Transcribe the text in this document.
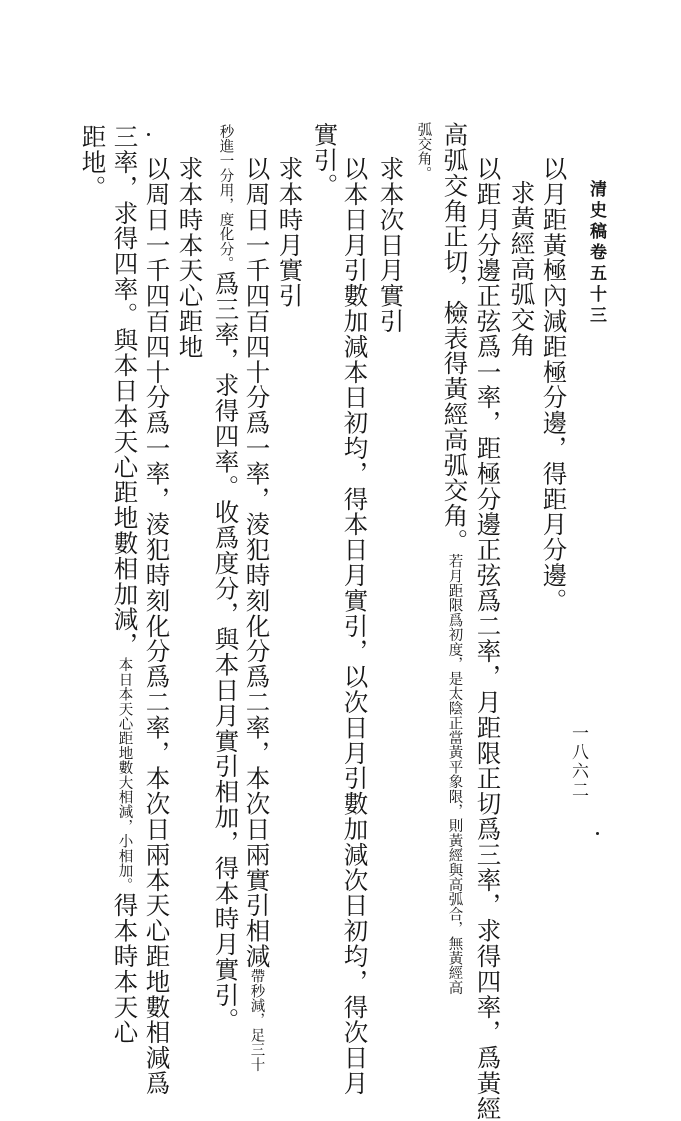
清史稿卷五十三
一八六二
以月距黃極內減距極分邊，得距月分邊。
求黃經高弧交角
以距月分邊正弦爲一率，距極分邊正弦爲二率，月距限正切爲三率，求得四率，爲黃經
高弧交角正切，檢表得黃經高弧交角。若月距限爲初度，是太陰正當黃平象限，則黃經與高弧合，無黃經高
弧交角。
求本次日月實引
以本日月引數加減本日初均，得本日月實引，以次日月引數加減次日初均，得次日月
實引。
求本時月實引
以周日一千四百四十分爲一率，淩犯時刻化分爲二率，本次日兩實引相減帶秒減，足三十
秒進一分用，度化分。爲三率，求得四率。收爲度分，與本日月實引相加，得本時月實引。
求本時本天心距地
以周日一千四百四十分爲一率，淩犯時刻化分爲二率，本次日兩本天心距地數相減爲
三率，求得四率。與本日本天心距地數相加減，本日本天心距地數大相減，小相加。得本時本天心
距地。
